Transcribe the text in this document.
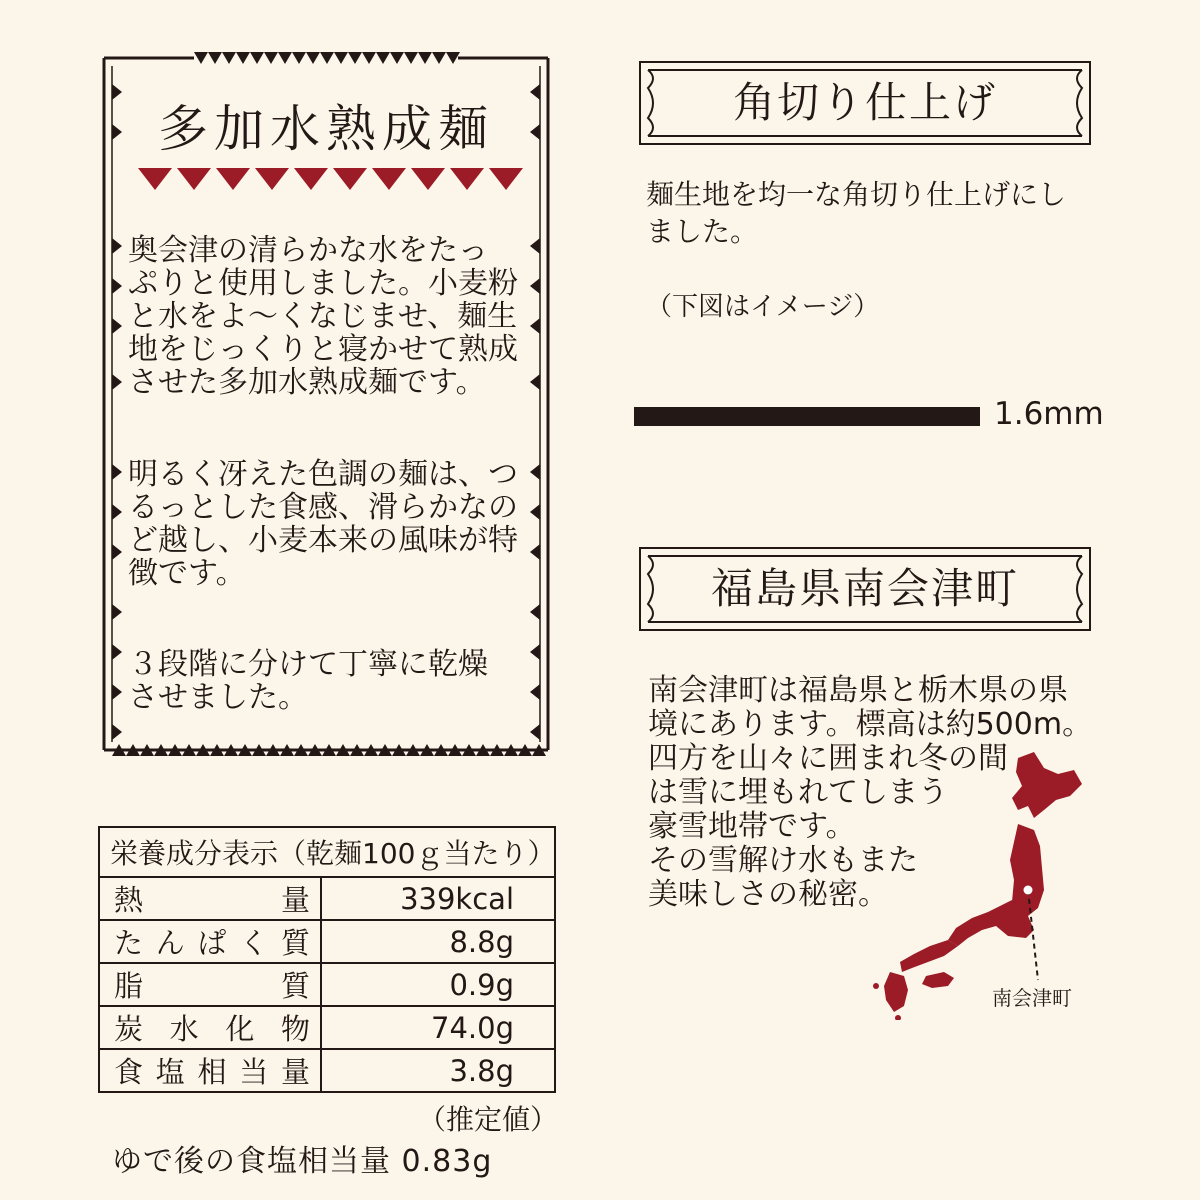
多加水熟成麺

奥会津の清らかな水をたっ
ぷりと使用しました。小麦粉
と水をよ〜くなじませ、麺生
地をじっくりと寝かせて熟成
させた多加水熟成麺です。

明るく冴えた色調の麺は、つ
るっとした食感、滑らかなの
ど越し、小麦本来の風味が特
徴です。

３段階に分けて丁寧に乾燥
させました。

栄養成分表示（乾麺100ｇ当たり）	
熱量	339kcal
たんぱく質	8.8g
脂質	0.9g
炭水化物	74.0g
食塩相当量	3.8g
（推定値）
ゆで後の食塩相当量 0.83g
角切り仕上げ

麺生地を均一な角切り仕上げにし
ました。

（下図はイメージ）
1.6mm
福島県南会津町

南会津町は福島県と栃木県の県
境にあります。標高は約500m。
四方を山々に囲まれ冬の間
は雪に埋もれてしまう
豪雪地帯です。
その雪解け水もまた
美味しさの秘密。

南会津町
